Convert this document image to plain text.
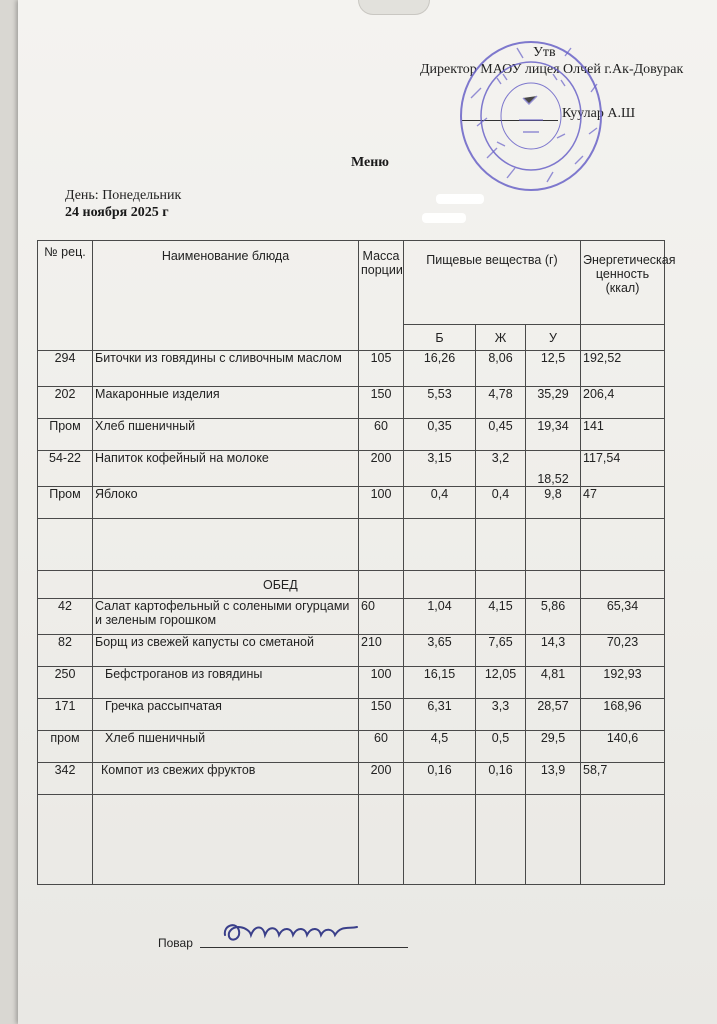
Утв
Директор МАОУ лицея Олчей г.Ак-Довурак
Куулар А.Ш
Меню
День: Понедельник
24 ноября 2025 г
№ рец.	Наименование блюда	Масса порции	Пищевые вещества (г)			Энергетическая ценность (ккал)
			Б	Ж	У	
294	Биточки из говядины с сливочным маслом	105	16,26	8,06	12,5	192,52
202	Макаронные изделия	150	5,53	4,78	35,29	206,4
Пром	Хлеб пшеничный	60	0,35	0,45	19,34	141
54-22	Напиток кофейный на молоке	200	3,15	3,2	18,52	117,54
Пром	Яблоко	100	0,4	0,4	9,8	47

	ОБЕД					
42	Салат картофельный с солеными огурцами и зеленым горошком	60	1,04	4,15	5,86	65,34
82	Борщ из свежей капусты со сметаной	210	3,65	7,65	14,3	70,23
250	Бефстроганов из говядины	100	16,15	12,05	4,81	192,93
171	Гречка рассыпчатая	150	6,31	3,3	28,57	168,96
пром	Хлеб пшеничный	60	4,5	0,5	29,5	140,6
342	Компот из свежих фруктов	200	0,16	0,16	13,9	58,7

Повар
